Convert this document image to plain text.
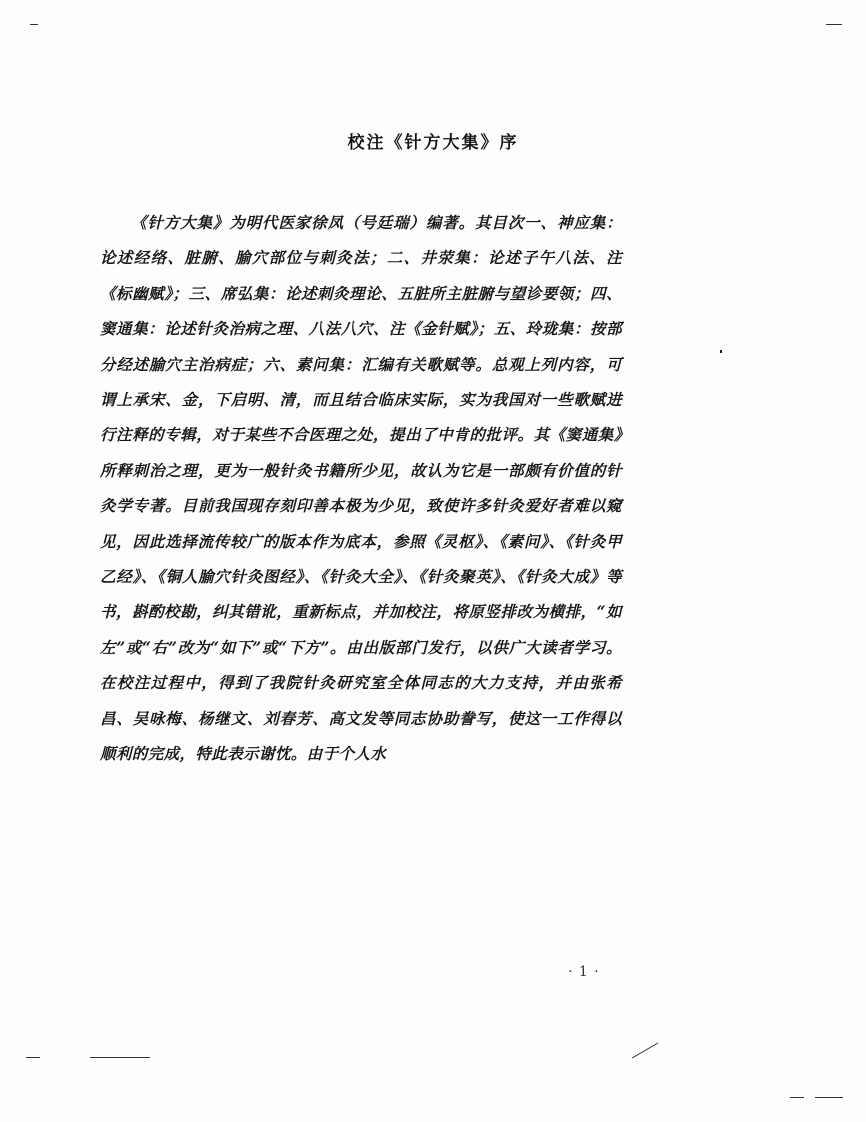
校注《针方大集》序

《针方大集》为明代医家徐凤（号廷瑞）编著。其目次一、神应集：论述经络、脏腑、腧穴部位与刺灸法；二、井荥集：论述子午八法、注《标幽赋》；三、席弘集：论述刺灸理论、五脏所主脏腑与望诊要领；四、窦通集：论述针灸治病之理、八法八穴、注《金针赋》；五、玲珑集：按部分经述腧穴主治病症；六、素问集：汇编有关歌赋等。总观上列内容，可谓上承宋、金，下启明、清，而且结合临床实际，实为我国对一些歌赋进行注释的专辑，对于某些不合医理之处，提出了中肯的批评。其《窦通集》所释刺治之理，更为一般针灸书籍所少见，故认为它是一部颇有价值的针灸学专著。目前我国现存刻印善本极为少见，致使许多针灸爱好者难以窥见，因此选择流传较广的版本作为底本，参照《灵枢》、《素问》、《针灸甲乙经》、《铜人腧穴针灸图经》、《针灸大全》、《针灸聚英》、《针灸大成》等书，斟酌校勘，纠其错讹，重新标点，并加校注，将原竖排改为横排，“如左”或“右”改为“如下”或“下方”。由出版部门发行，以供广大读者学习。在校注过程中，得到了我院针灸研究室全体同志的大力支持，并由张希昌、吴咏梅、杨继文、刘春芳、高文发等同志协助誊写，使这一工作得以顺利的完成，特此表示谢忱。由于个人水

· 1 ·
